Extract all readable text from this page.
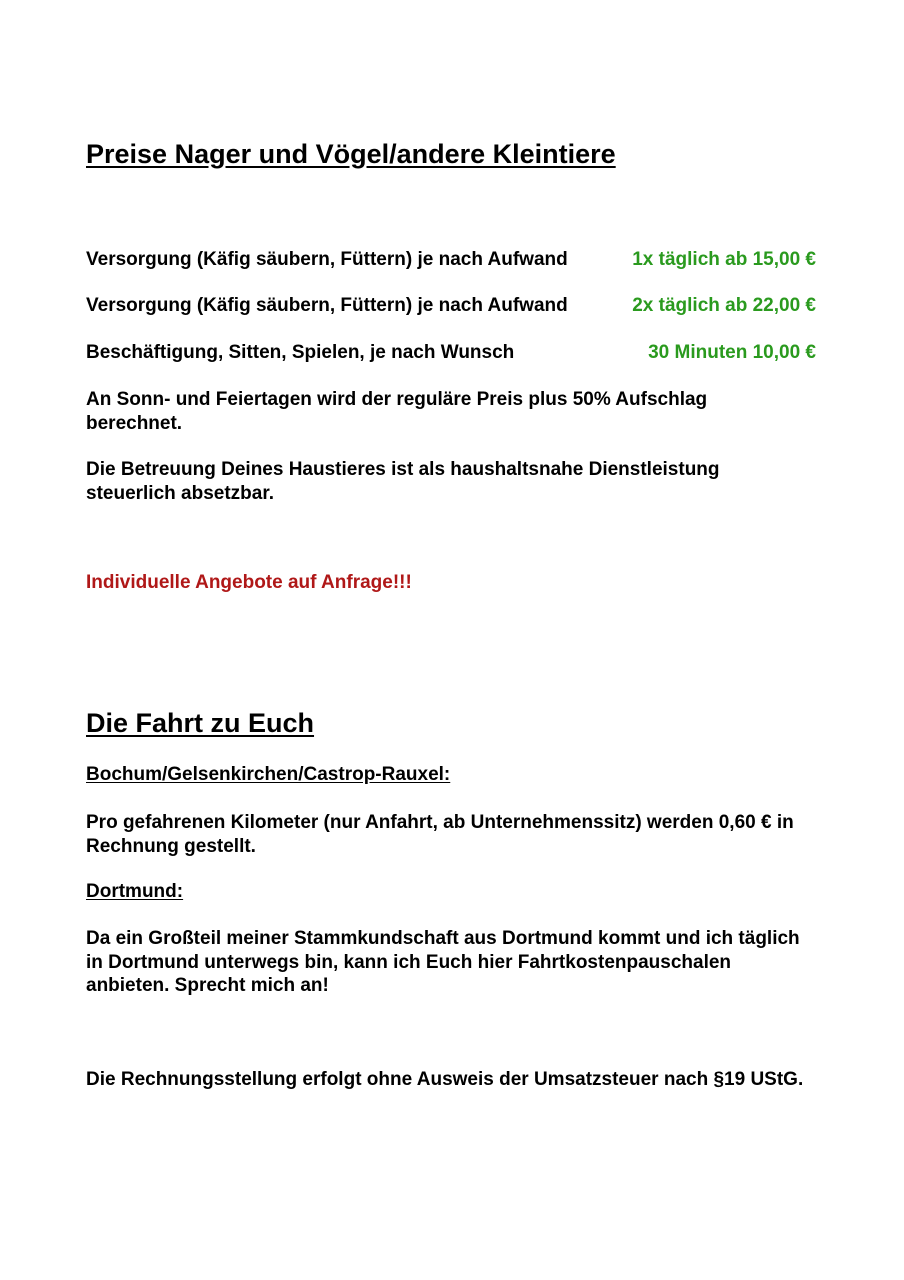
Preise Nager und Vögel/andere Kleintiere
Versorgung (Käfig säubern, Füttern) je nach Aufwand	1x täglich ab 15,00 €
Versorgung (Käfig säubern, Füttern) je nach Aufwand	2x täglich ab 22,00 €
Beschäftigung, Sitten, Spielen, je nach Wunsch	30 Minuten 10,00 €

An Sonn- und Feiertagen wird der reguläre Preis plus 50% Aufschlag berechnet.

Die Betreuung Deines Haustieres ist als haushaltsnahe Dienstleistung steuerlich absetzbar.

Individuelle Angebote auf Anfrage!!!

Die Fahrt zu Euch

Bochum/Gelsenkirchen/Castrop-Rauxel:

Pro gefahrenen Kilometer (nur Anfahrt, ab Unternehmenssitz) werden 0,60 € in Rechnung gestellt.

Dortmund:

Da ein Großteil meiner Stammkundschaft aus Dortmund kommt und ich täglich in Dortmund unterwegs bin, kann ich Euch hier Fahrtkostenpauschalen anbieten. Sprecht mich an!

Die Rechnungsstellung erfolgt ohne Ausweis der Umsatzsteuer nach §19 UStG.
